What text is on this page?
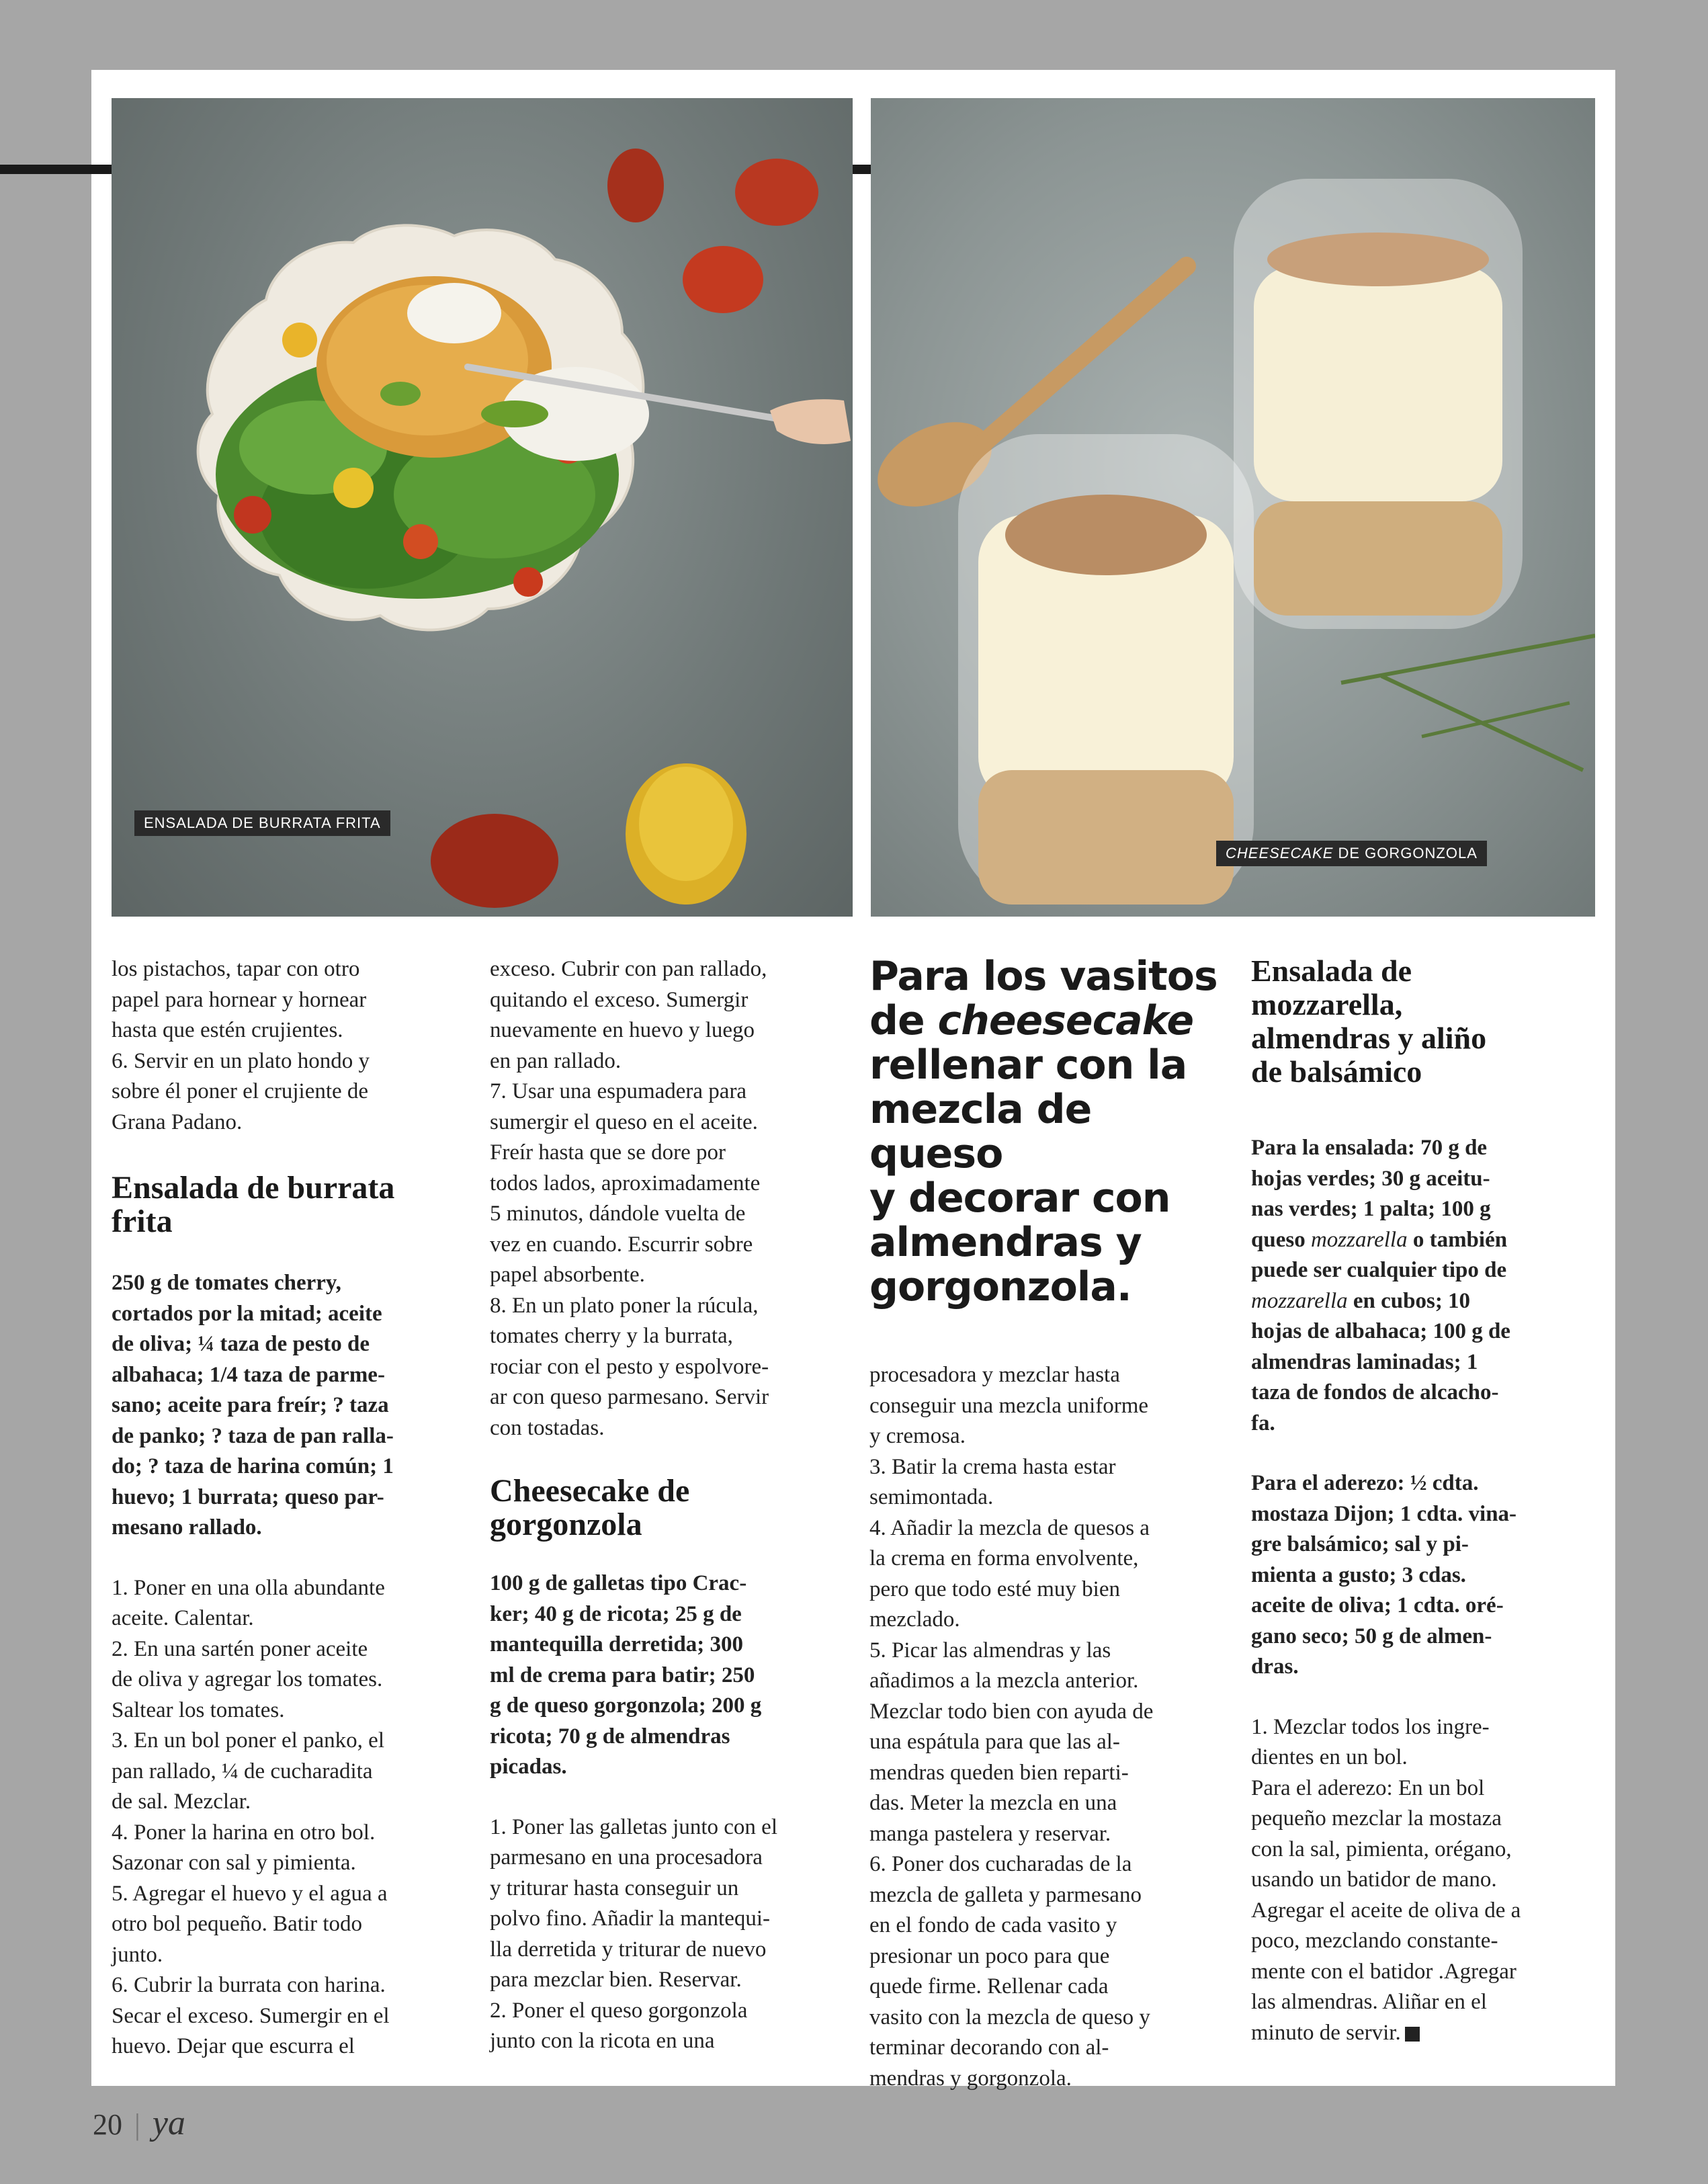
ENSALADA DE BURRATA FRITA
CHEESECAKE DE GORGONZOLA

los pistachos, tapar con otro

papel para hornear y hornear

hasta que estén crujientes.

6. Servir en un plato hondo y

sobre él poner el crujiente de

Grana Padano.

Ensalada de burrata
frita

250 g de tomates cherry,

cortados por la mitad; aceite

de oliva; ¼ taza de pesto de

albahaca; 1/4 taza de parme-

sano; aceite para freír; ? taza

de panko; ? taza de pan ralla-

do; ? taza de harina común; 1

huevo; 1 burrata; queso par-

mesano rallado.

1. Poner en una olla abundante

aceite. Calentar.

2. En una sartén poner aceite

de oliva y agregar los tomates.

Saltear los tomates.

3. En un bol poner el panko, el

pan rallado, ¼ de cucharadita

de sal. Mezclar.

4. Poner la harina en otro bol.

Sazonar con sal y pimienta.

5. Agregar el huevo y el agua a

otro bol pequeño. Batir todo

junto.

6. Cubrir la burrata con harina.

Secar el exceso. Sumergir en el

huevo. Dejar que escurra el

exceso. Cubrir con pan rallado,

quitando el exceso. Sumergir

nuevamente en huevo y luego

en pan rallado.

7. Usar una espumadera para

sumergir el queso en el aceite.

Freír hasta que se dore por

todos lados, aproximadamente

5 minutos, dándole vuelta de

vez en cuando. Escurrir sobre

papel absorbente.

8. En un plato poner la rúcula,

tomates cherry y la burrata,

rociar con el pesto y espolvore-

ar con queso parmesano. Servir

con tostadas.

Cheesecake de
gorgonzola

100 g de galletas tipo Crac-

ker; 40 g de ricota; 25 g de

mantequilla derretida; 300

ml de crema para batir; 250

g de queso gorgonzola; 200 g

ricota; 70 g de almendras

picadas.

1. Poner las galletas junto con el

parmesano en una procesadora

y triturar hasta conseguir un

polvo fino. Añadir la mantequi-

lla derretida y triturar de nuevo

para mezclar bien. Reservar.

2. Poner el queso gorgonzola

junto con la ricota en una

Para los vasitos
de cheesecake
rellenar con la
mezcla de queso
y decorar con
almendras y
gorgonzola.

procesadora y mezclar hasta

conseguir una mezcla uniforme

y cremosa.

3. Batir la crema hasta estar

semimontada.

4. Añadir la mezcla de quesos a

la crema en forma envolvente,

pero que todo esté muy bien

mezclado.

5. Picar las almendras y las

añadimos a la mezcla anterior.

Mezclar todo bien con ayuda de

una espátula para que las al-

mendras queden bien reparti-

das. Meter la mezcla en una

manga pastelera y reservar.

6. Poner dos cucharadas de la

mezcla de galleta y parmesano

en el fondo de cada vasito y

presionar un poco para que

quede firme. Rellenar cada

vasito con la mezcla de queso y

terminar decorando con al-

mendras y gorgonzola.

Ensalada de
mozzarella,
almendras y aliño
de balsámico

Para la ensalada: 70 g de

hojas verdes; 30 g aceitu-

nas verdes; 1 palta; 100 g

queso mozzarella o también

puede ser cualquier tipo de

mozzarella en cubos; 10

hojas de albahaca; 100 g de

almendras laminadas; 1

taza de fondos de alcacho-

fa.

Para el aderezo: ½ cdta.

mostaza Dijon; 1 cdta. vina-

gre balsámico; sal y pi-

mienta a gusto; 3 cdas.

aceite de oliva; 1 cdta. oré-

gano seco; 50 g de almen-

dras.

1. Mezclar todos los ingre-

dientes en un bol.

Para el aderezo: En un bol

pequeño mezclar la mostaza

con la sal, pimienta, orégano,

usando un batidor de mano.

Agregar el aceite de oliva de a

poco, mezclando constante-

mente con el batidor .Agregar

las almendras. Aliñar en el

minuto de servir.

20 | ya
